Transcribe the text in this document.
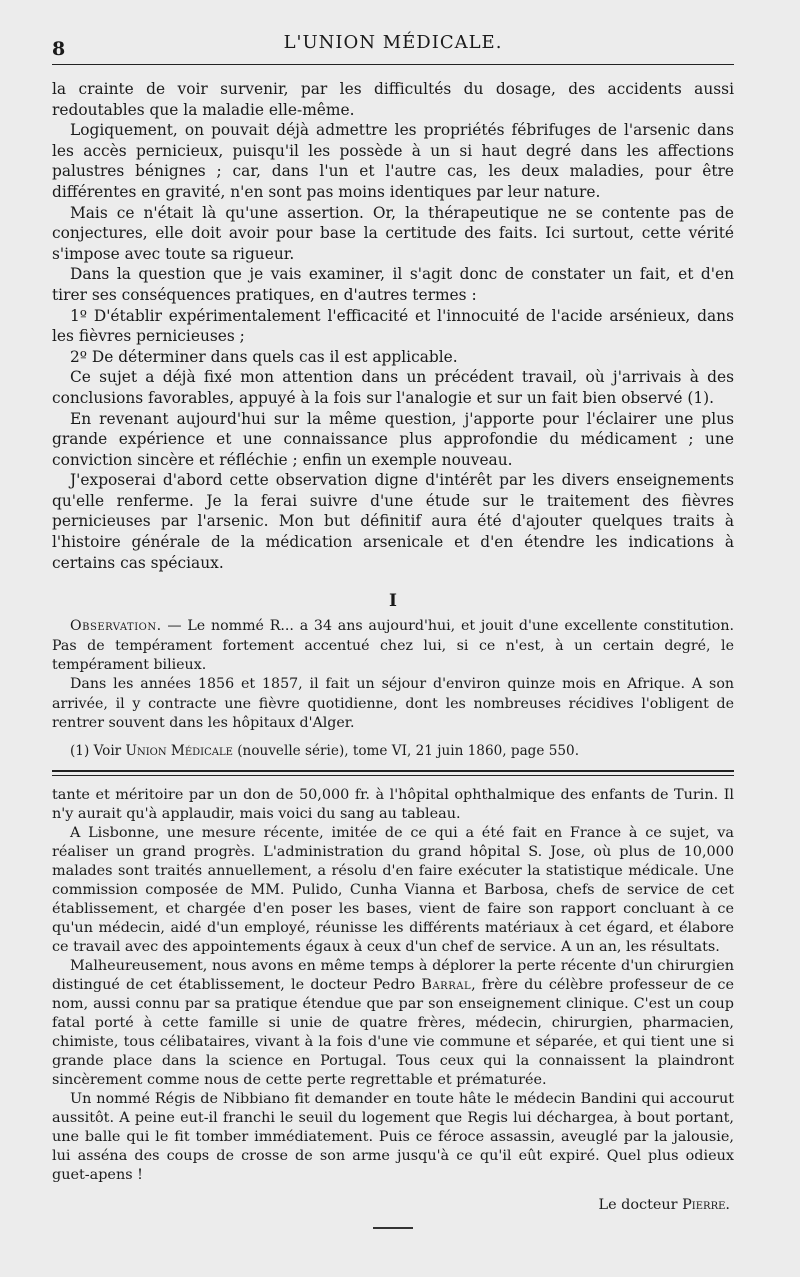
8	L'UNION MÉDICALE.

la crainte de voir survenir, par les difficultés du dosage, des accidents aussi redoutables que la maladie elle-même.

Logiquement, on pouvait déjà admettre les propriétés fébrifuges de l'arsenic dans les accès pernicieux, puisqu'il les possède à un si haut degré dans les affections palustres bénignes ; car, dans l'un et l'autre cas, les deux maladies, pour être différentes en gravité, n'en sont pas moins identiques par leur nature.

Mais ce n'était là qu'une assertion. Or, la thérapeutique ne se contente pas de conjectures, elle doit avoir pour base la certitude des faits. Ici surtout, cette vérité s'impose avec toute sa rigueur.

Dans la question que je vais examiner, il s'agit donc de constater un fait, et d'en tirer ses conséquences pratiques, en d'autres termes :

1º D'établir expérimentalement l'efficacité et l'innocuité de l'acide arsénieux, dans les fièvres pernicieuses ;

2º De déterminer dans quels cas il est applicable.

Ce sujet a déjà fixé mon attention dans un précédent travail, où j'arrivais à des conclusions favorables, appuyé à la fois sur l'analogie et sur un fait bien observé (1).

En revenant aujourd'hui sur la même question, j'apporte pour l'éclairer une plus grande expérience et une connaissance plus approfondie du médicament ; une conviction sincère et réfléchie ; enfin un exemple nouveau.

J'exposerai d'abord cette observation digne d'intérêt par les divers enseignements qu'elle renferme. Je la ferai suivre d'une étude sur le traitement des fièvres pernicieuses par l'arsenic. Mon but définitif aura été d'ajouter quelques traits à l'histoire générale de la médication arsenicale et d'en étendre les indications à certains cas spéciaux.

I

Observation. — Le nommé R... a 34 ans aujourd'hui, et jouit d'une excellente constitution. Pas de tempérament fortement accentué chez lui, si ce n'est, à un certain degré, le tempérament bilieux.

Dans les années 1856 et 1857, il fait un séjour d'environ quinze mois en Afrique. A son arrivée, il y contracte une fièvre quotidienne, dont les nombreuses récidives l'obligent de rentrer souvent dans les hôpitaux d'Alger.

(1) Voir Union Médicale (nouvelle série), tome VI, 21 juin 1860, page 550.

tante et méritoire par un don de 50,000 fr. à l'hôpital ophthalmique des enfants de Turin. Il n'y aurait qu'à applaudir, mais voici du sang au tableau.

A Lisbonne, une mesure récente, imitée de ce qui a été fait en France à ce sujet, va réaliser un grand progrès. L'administration du grand hôpital S. Jose, où plus de 10,000 malades sont traités annuellement, a résolu d'en faire exécuter la statistique médicale. Une commission composée de MM. Pulido, Cunha Vianna et Barbosa, chefs de service de cet établissement, et chargée d'en poser les bases, vient de faire son rapport concluant à ce qu'un médecin, aidé d'un employé, réunisse les différents matériaux à cet égard, et élabore ce travail avec des appointements égaux à ceux d'un chef de service. A un an, les résultats.

Malheureusement, nous avons en même temps à déplorer la perte récente d'un chirurgien distingué de cet établissement, le docteur Pedro Barral, frère du célèbre professeur de ce nom, aussi connu par sa pratique étendue que par son enseignement clinique. C'est un coup fatal porté à cette famille si unie de quatre frères, médecin, chirurgien, pharmacien, chimiste, tous célibataires, vivant à la fois d'une vie commune et séparée, et qui tient une si grande place dans la science en Portugal. Tous ceux qui la connaissent la plaindront sincèrement comme nous de cette perte regrettable et prématurée.

Un nommé Régis de Nibbiano fit demander en toute hâte le médecin Bandini qui accourut aussitôt. A peine eut-il franchi le seuil du logement que Regis lui déchargea, à bout portant, une balle qui le fit tomber immédiatement. Puis ce féroce assassin, aveuglé par la jalousie, lui asséna des coups de crosse de son arme jusqu'à ce qu'il eût expiré. Quel plus odieux guet-apens !

Le docteur Pierre.
